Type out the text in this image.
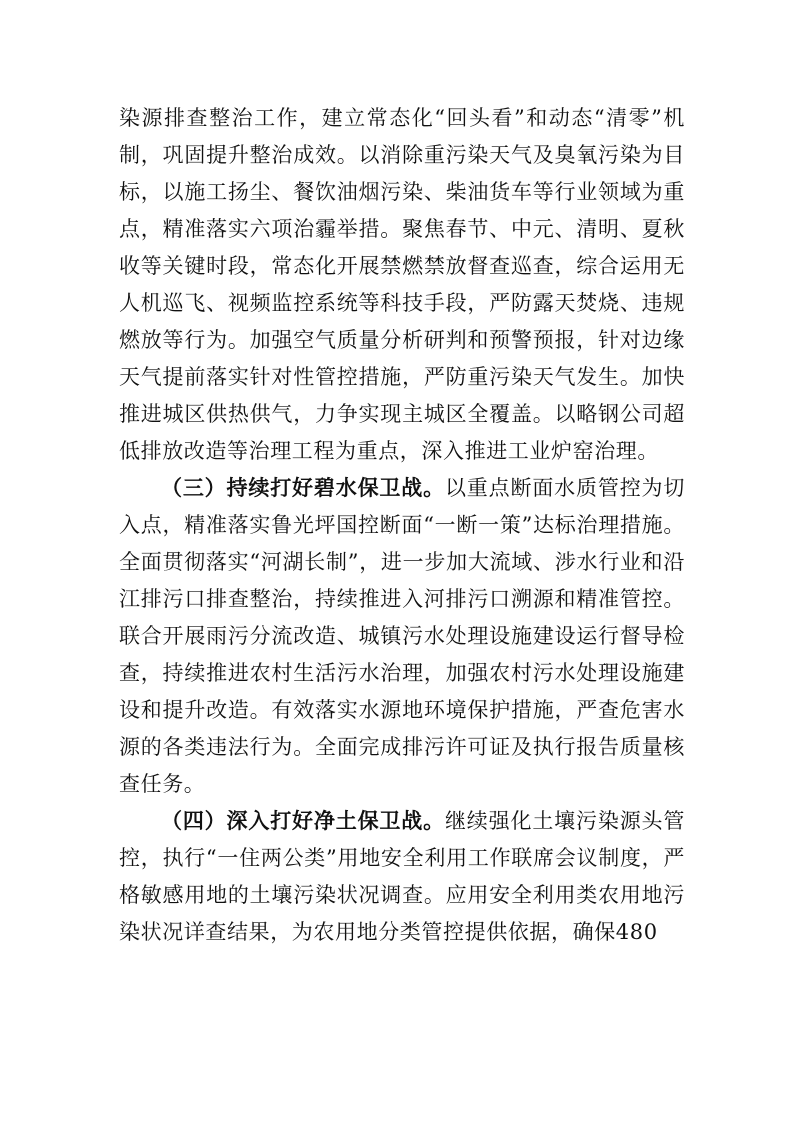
染源排查整治工作，建立常态化“回头看”和动态“清零”机制，巩固提升整治成效。以消除重污染天气及臭氧污染为目标，以施工扬尘、餐饮油烟污染、柴油货车等行业领域为重点，精准落实六项治霾举措。聚焦春节、中元、清明、夏秋收等关键时段，常态化开展禁燃禁放督查巡查，综合运用无人机巡飞、视频监控系统等科技手段，严防露天焚烧、违规燃放等行为。加强空气质量分析研判和预警预报，针对边缘天气提前落实针对性管控措施，严防重污染天气发生。加快推进城区供热供气，力争实现主城区全覆盖。以略钢公司超低排放改造等治理工程为重点，深入推进工业炉窑治理。

（三）持续打好碧水保卫战。以重点断面水质管控为切入点，精准落实鲁光坪国控断面“一断一策”达标治理措施。全面贯彻落实“河湖长制”，进一步加大流域、涉水行业和沿江排污口排查整治，持续推进入河排污口溯源和精准管控。联合开展雨污分流改造、城镇污水处理设施建设运行督导检查，持续推进农村生活污水治理，加强农村污水处理设施建设和提升改造。有效落实水源地环境保护措施，严查危害水源的各类违法行为。全面完成排污许可证及执行报告质量核查任务。

（四）深入打好净土保卫战。继续强化土壤污染源头管控，执行“一住两公类”用地安全利用工作联席会议制度，严格敏感用地的土壤污染状况调查。应用安全利用类农用地污染状况详查结果，为农用地分类管控提供依据，确保480
